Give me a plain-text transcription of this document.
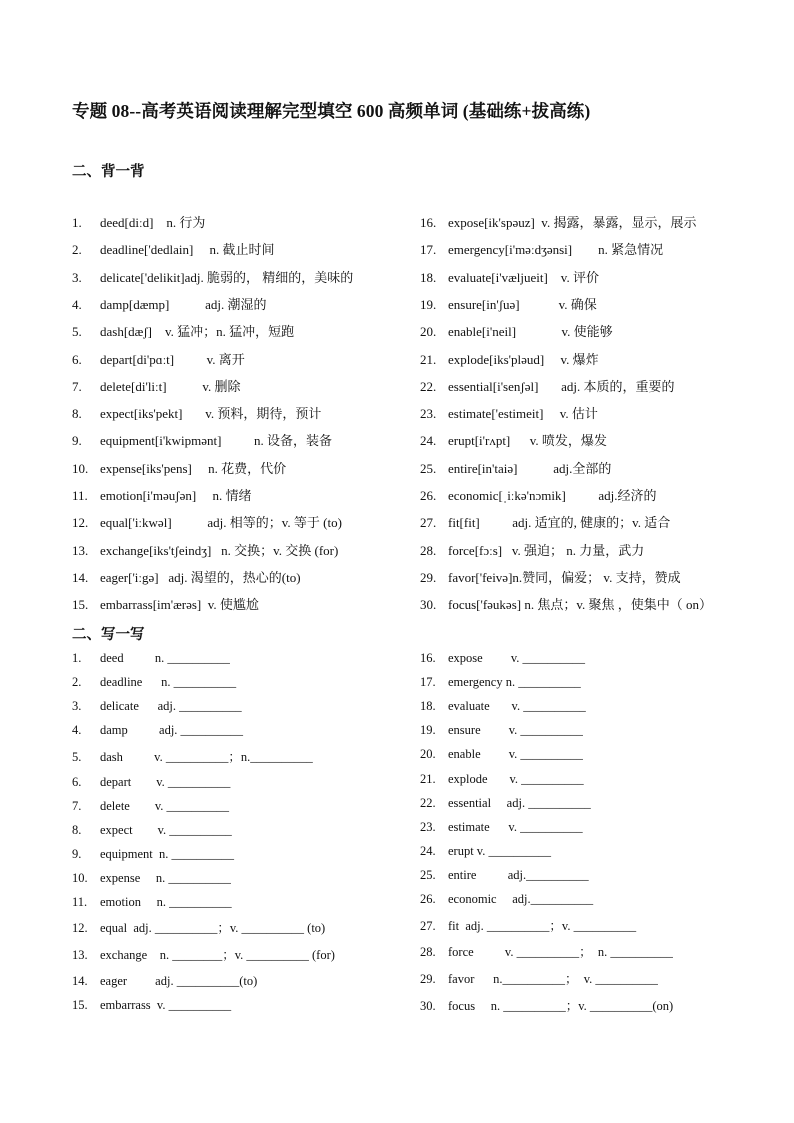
专题 08--高考英语阅读理解完型填空 600 高频单词 (基础练+拔高练)
二、背一背
二、写一写
1. deed[diːd]    n. 行为
2. deadline['dedlain]     n. 截止时间
3. delicate['delikit]adj. 脆弱的， 精细的，美味的
4. damp[dæmp]           adj. 潮湿的
5. dash[dæʃ]    v. 猛冲；n. 猛冲，短跑
6. depart[di'pɑːt]          v. 离开
7. delete[di'liːt]           v. 删除
8. expect[iks'pekt]       v. 预料，期待，预计
9. equipment[i'kwipmənt]          n. 设备，装备
10. expense[iks'pens]     n. 花费，代价
11. emotion[i'məuʃən]     n. 情绪
12. equal['iːkwəl]           adj. 相等的；v. 等于 (to)
13. exchange[iks'tʃeindʒ]   n. 交换；v. 交换 (for)
14. eager['iːgə]   adj. 渴望的，热心的(to)
15. embarrass[im'ærəs]  v. 使尴尬
16. expose[ik'spəuz]  v. 揭露，暴露，显示，展示
17. emergency[i'məːdʒənsi]        n. 紧急情况
18. evaluate[i'væljueit]    v. 评价
19. ensure[in'ʃuə]            v. 确保
20. enable[i'neil]              v. 使能够
21. explode[iks'pləud]     v. 爆炸
22. essential[i'senʃəl]       adj. 本质的，重要的
23. estimate['estimeit]     v. 估计
24. erupt[i'rʌpt]      v. 喷发，爆发
25. entire[in'taiə]           adj.全部的
26. economic[ˌiːkə'nɔmik]          adj.经济的
27. fit[fit]          adj. 适宜的, 健康的；v. 适合
28. force[fɔːs]   v. 强迫； n. 力量，武力
29. favor['feivə]n.赞同，偏爱； v. 支持，赞成
30. focus['fəukəs] n. 焦点；v. 聚焦 ，使集中（ on）
1. deed          n. __________
2. deadline      n. __________
3. delicate      adj. __________
4. damp          adj. __________
5. dash          v. __________；n.__________
6. depart        v. __________
7. delete        v. __________
8. expect        v. __________
9. equipment  n. __________
10. expense     n. __________
11. emotion     n. __________
12. equal  adj. __________；v. __________ (to)
13. exchange    n. ________；v. __________ (for)
14. eager         adj. __________(to)
15. embarrass  v. __________
16. expose         v. __________
17. emergency n. __________
18. evaluate       v. __________
19. ensure         v. __________
20. enable         v. __________
21. explode       v. __________
22. essential     adj. __________
23. estimate      v. __________
24. erupt v. __________
25. entire          adj.__________
26. economic     adj.__________
27. fit  adj. __________；v. __________
28. force          v. __________；  n. __________
29. favor      n.__________；  v. __________
30. focus     n. __________；v. __________(on)
